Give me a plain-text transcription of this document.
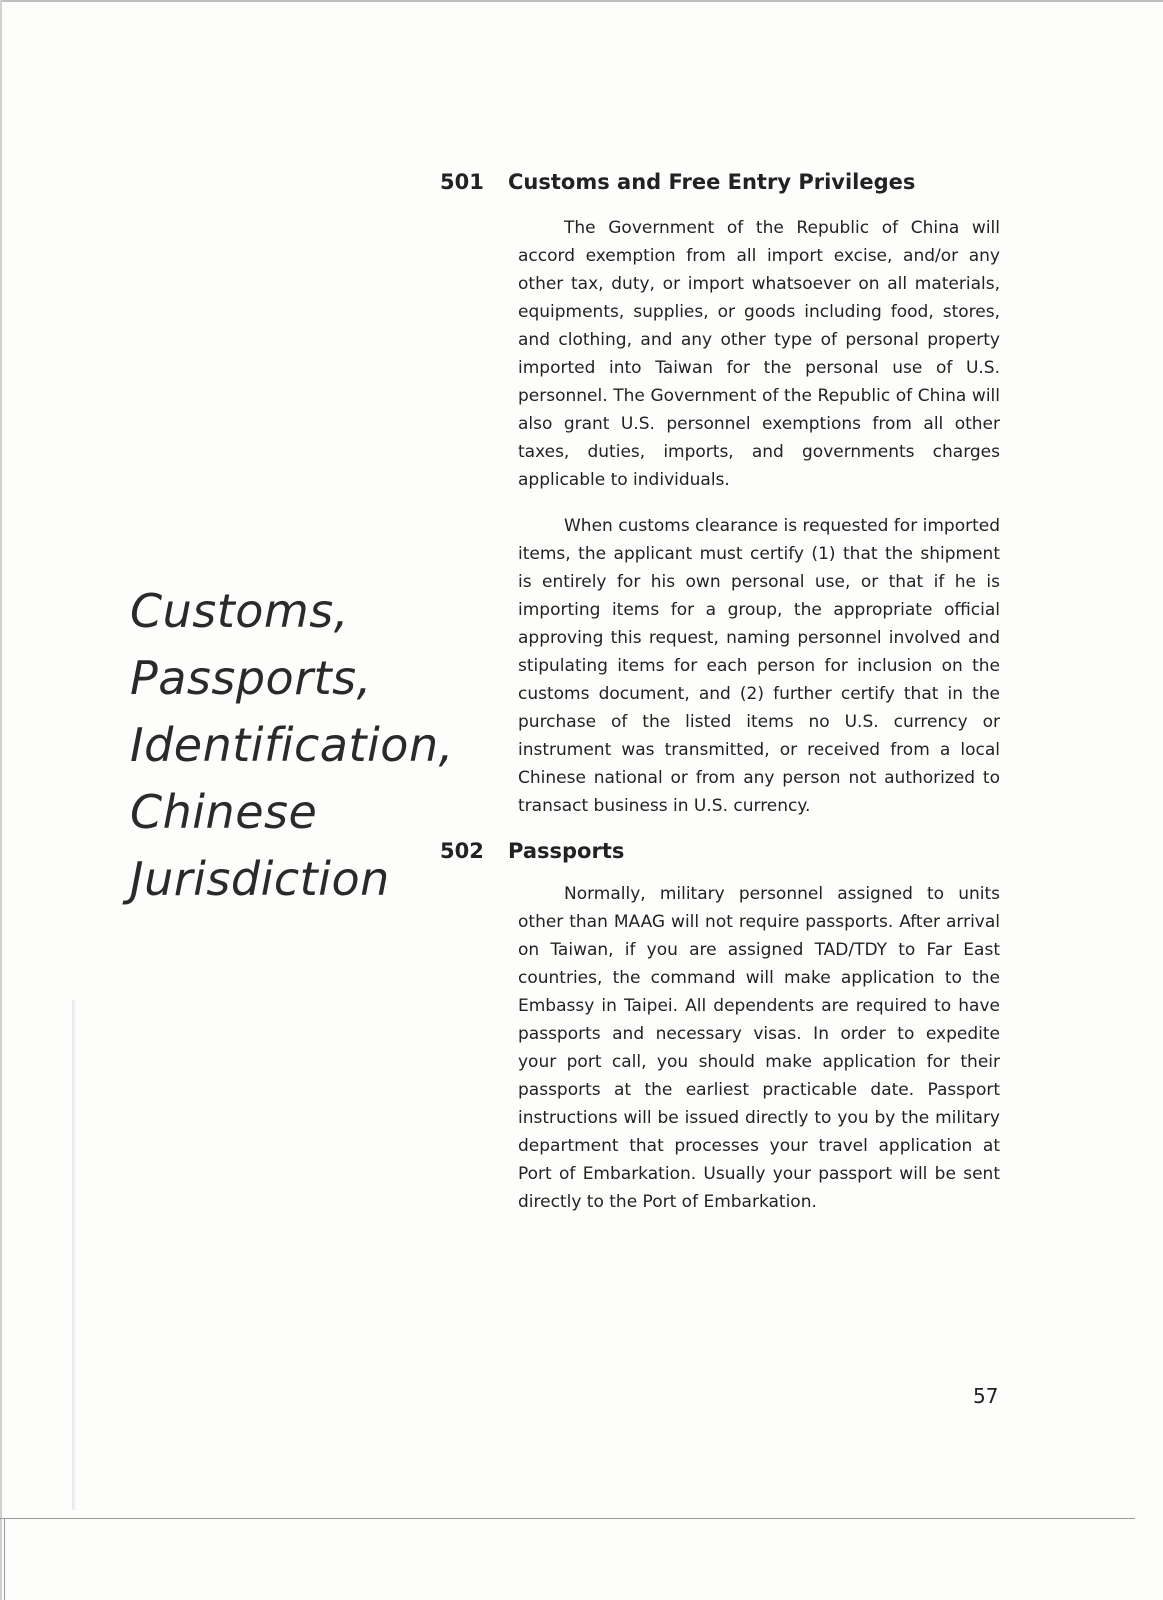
Customs,
Passports,
Identification,
Chinese
Jurisdiction
501 Customs and Free Entry Privileges

The Government of the Republic of China will accord exemption from all import excise, and/or any other tax, duty, or import whatsoever on all materials, equipments, supplies, or goods including food, stores, and clothing, and any other type of personal property imported into Taiwan for the personal use of U.S. personnel. The Government of the Republic of China will also grant U.S. personnel exemptions from all other taxes, duties, imports, and governments charges applicable to individuals.

When customs clearance is requested for imported items, the applicant must certify (1) that the shipment is entirely for his own personal use, or that if he is importing items for a group, the appropriate official approving this request, naming personnel involved and stipulating items for each person for inclusion on the customs document, and (2) further certify that in the purchase of the listed items no U.S. currency or instrument was transmitted, or received from a local Chinese national or from any person not authorized to transact business in U.S. currency.

502 Passports

Normally, military personnel assigned to units other than MAAG will not require passports. After arrival on Taiwan, if you are assigned TAD/TDY to Far East countries, the command will make application to the Embassy in Taipei. All dependents are required to have passports and necessary visas. In order to expedite your port call, you should make application for their passports at the earliest practicable date. Passport instructions will be issued directly to you by the military department that processes your travel application at Port of Embarkation. Usually your passport will be sent directly to the Port of Embarkation.

57
